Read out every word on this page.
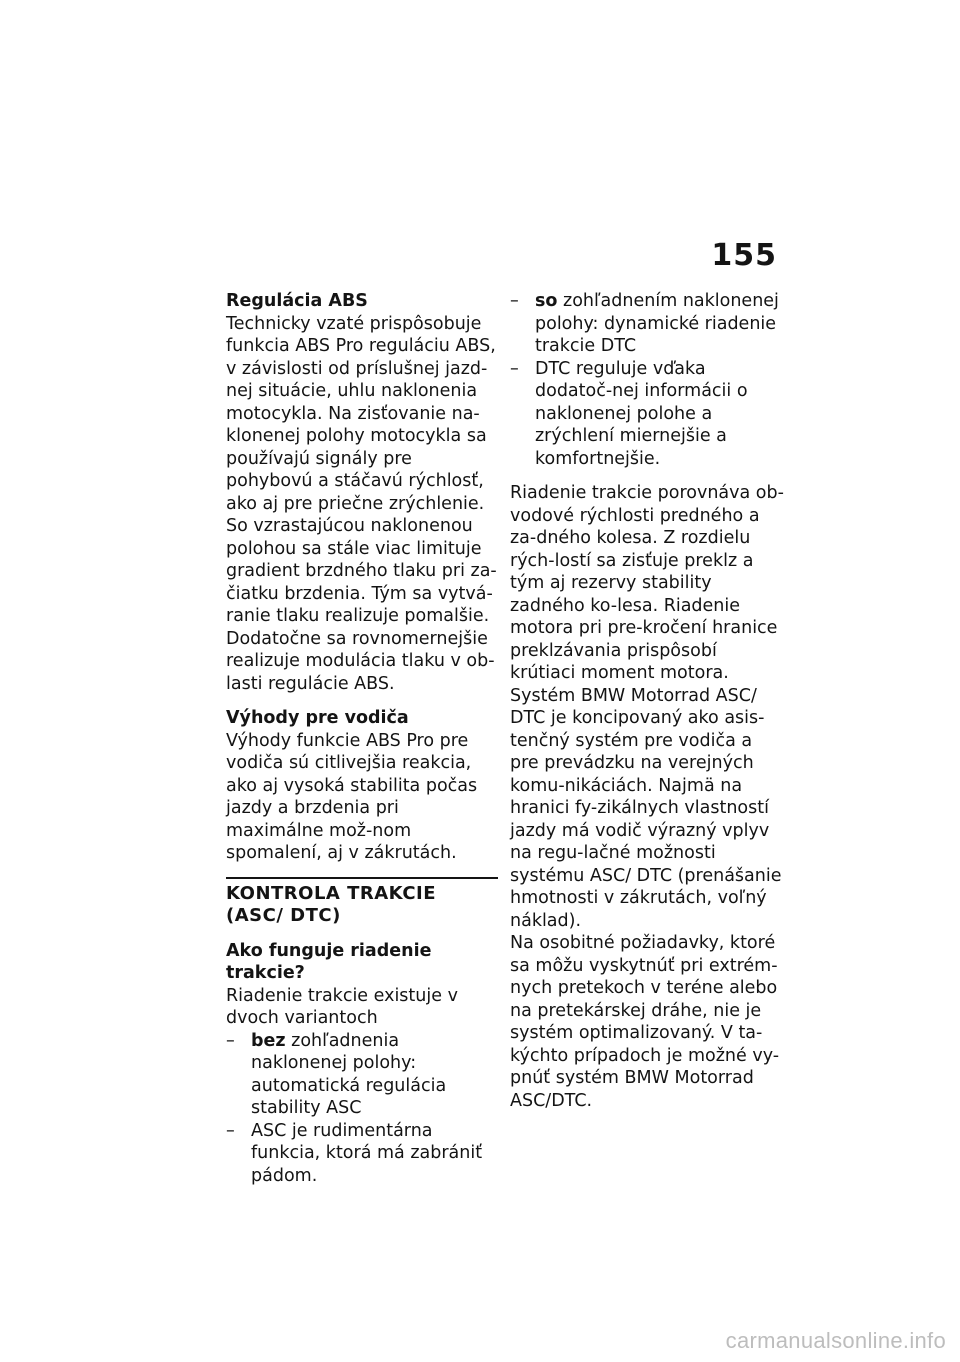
155
Regulácia ABS

Technicky vzaté prispôsobuje funkcia ABS Pro reguláciu ABS, v závislosti od príslušnej jazd-nej situácie, uhlu naklonenia motocykla. Na zisťovanie na-klonenej polohy motocykla sa používajú signály pre pohybovú a stáčavú rýchlosť, ako aj pre priečne zrýchlenie.

So vzrastajúcou naklonenou polohou sa stále viac limituje gradient brzdného tlaku pri za-čiatku brzdenia. Tým sa vytvá-ranie tlaku realizuje pomalšie. Dodatočne sa rovnomernejšie realizuje modulácia tlaku v ob-lasti regulácie ABS.

Výhody pre vodiča

Výhody funkcie ABS Pro pre vodiča sú citlivejšia reakcia, ako aj vysoká stabilita počas jazdy a brzdenia pri maximálne mož-nom spomalení, aj v zákrutách.

KONTROLA TRAKCIE (ASC/ DTC)
Ako funguje riadenie trakcie?

Riadenie trakcie existuje v dvoch variantoch

– bez zohľadnenia naklonenej polohy: automatická regulácia stability ASC
– ASC je rudimentárna funkcia, ktorá má zabrániť pádom.
– so zohľadnením naklonenej polohy: dynamické riadenie trakcie DTC
– DTC reguluje vďaka dodatoč-nej informácii o naklonenej polohe a zrýchlení miernejšie a komfortnejšie.

Riadenie trakcie porovnáva ob-vodové rýchlosti predného a za-dného kolesa. Z rozdielu rých-lostí sa zisťuje preklz a tým aj rezervy stability zadného ko-lesa. Riadenie motora pri pre-kročení hranice preklzávania prispôsobí krútiaci moment motora.

Systém BMW Motorrad ASC/ DTC je koncipovaný ako asis-tenčný systém pre vodiča a pre prevádzku na verejných komu-nikáciách. Najmä na hranici fy-zikálnych vlastností jazdy má vodič výrazný vplyv na regu-lačné možnosti systému ASC/ DTC (prenášanie hmotnosti v zákrutách, voľný náklad).

Na osobitné požiadavky, ktoré sa môžu vyskytnúť pri extrém-nych pretekoch v teréne alebo na pretekárskej dráhe, nie je systém optimalizovaný. V ta-kýchto prípadoch je možné vy-pnúť systém BMW Motorrad ASC/DTC.

carmanualsonline.info
